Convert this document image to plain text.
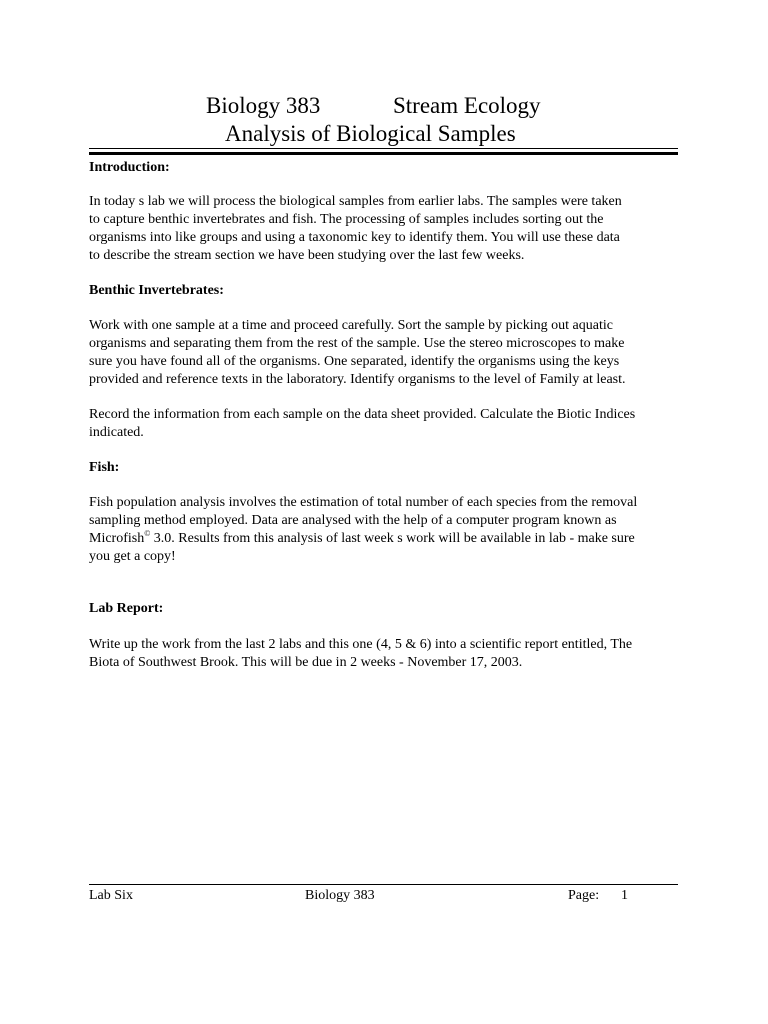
Biology 383	Stream Ecology
Analysis of Biological Samples
Introduction:
In today s lab we will process the biological samples from earlier labs. The samples were taken
to capture benthic invertebrates and fish. The processing of samples includes sorting out the
organisms into like groups and using a taxonomic key to identify them. You will use these data
to describe the stream section we have been studying over the last few weeks.
Benthic Invertebrates:
Work with one sample at a time and proceed carefully. Sort the sample by picking out aquatic
organisms and separating them from the rest of the sample. Use the stereo microscopes to make
sure you have found all of the organisms. One separated, identify the organisms using the keys
provided and reference texts in the laboratory. Identify organisms to the level of Family at least.
Record the information from each sample on the data sheet provided. Calculate the Biotic Indices
indicated.
Fish:
Fish population analysis involves the estimation of total number of each species from the removal
sampling method employed. Data are analysed with the help of a computer program known as
Microfish© 3.0. Results from this analysis of last week s work will be available in lab - make sure
you get a copy!
Lab Report:
Write up the work from the last 2 labs and this one (4, 5 & 6) into a scientific report entitled, The
Biota of Southwest Brook. This will be due in 2 weeks - November 17, 2003.
Lab Six	Biology 383	Page: 1
